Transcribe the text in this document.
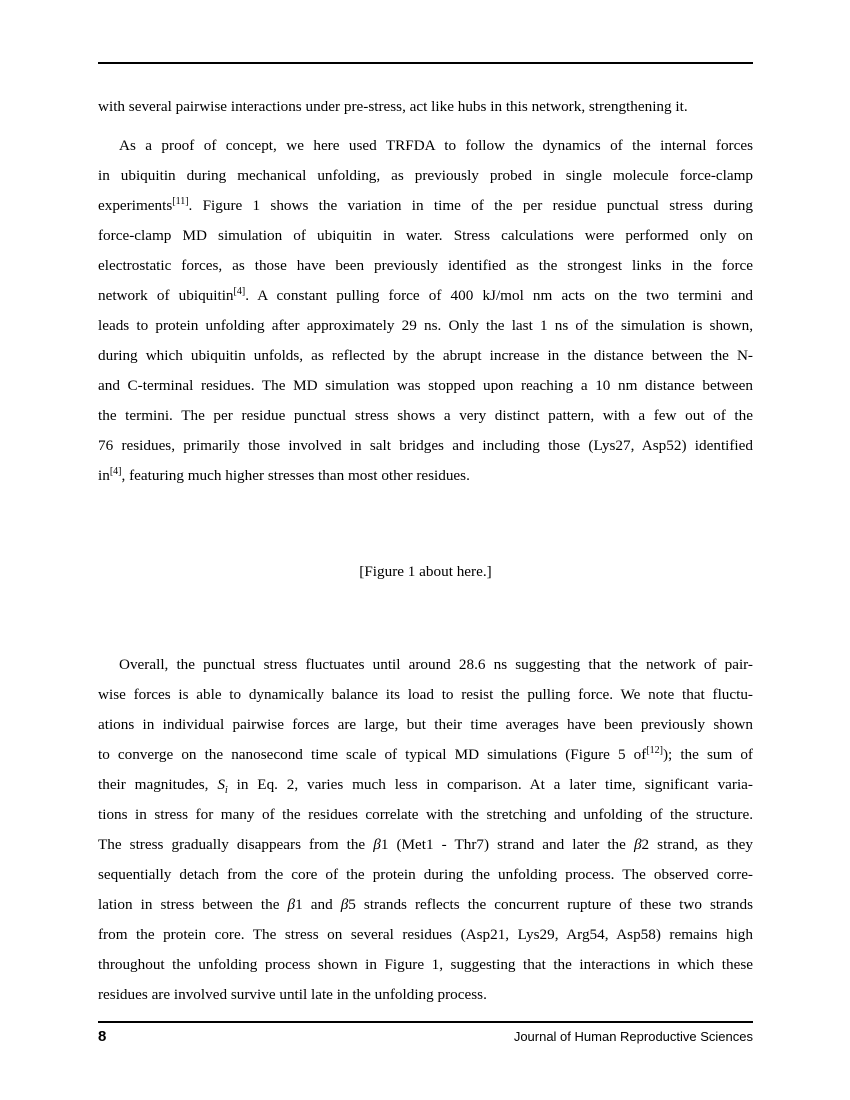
with several pairwise interactions under pre-stress, act like hubs in this network, strengthening it.
As a proof of concept, we here used TRFDA to follow the dynamics of the internal forces
in ubiquitin during mechanical unfolding, as previously probed in single molecule force-clamp
experiments[11]. Figure 1 shows the variation in time of the per residue punctual stress during
force-clamp MD simulation of ubiquitin in water. Stress calculations were performed only on
electrostatic forces, as those have been previously identified as the strongest links in the force
network of ubiquitin[4]. A constant pulling force of 400 kJ/mol nm acts on the two termini and
leads to protein unfolding after approximately 29 ns. Only the last 1 ns of the simulation is shown,
during which ubiquitin unfolds, as reflected by the abrupt increase in the distance between the N-
and C-terminal residues. The MD simulation was stopped upon reaching a 10 nm distance between
the termini. The per residue punctual stress shows a very distinct pattern, with a few out of the
76 residues, primarily those involved in salt bridges and including those (Lys27, Asp52) identified
in[4], featuring much higher stresses than most other residues.
[Figure 1 about here.]
Overall, the punctual stress fluctuates until around 28.6 ns suggesting that the network of pair-
wise forces is able to dynamically balance its load to resist the pulling force. We note that fluctu-
ations in individual pairwise forces are large, but their time averages have been previously shown
to converge on the nanosecond time scale of typical MD simulations (Figure 5 of[12]); the sum of
their magnitudes, $S_i$ in Eq. 2, varies much less in comparison. At a later time, significant varia-
tions in stress for many of the residues correlate with the stretching and unfolding of the structure.
The stress gradually disappears from the β1 (Met1 - Thr7) strand and later the β2 strand, as they
sequentially detach from the core of the protein during the unfolding process. The observed corre-
lation in stress between the β1 and β5 strands reflects the concurrent rupture of these two strands
from the protein core. The stress on several residues (Asp21, Lys29, Arg54, Asp58) remains high
throughout the unfolding process shown in Figure 1, suggesting that the interactions in which these
residues are involved survive until late in the unfolding process.
8	Journal of Human Reproductive Sciences
